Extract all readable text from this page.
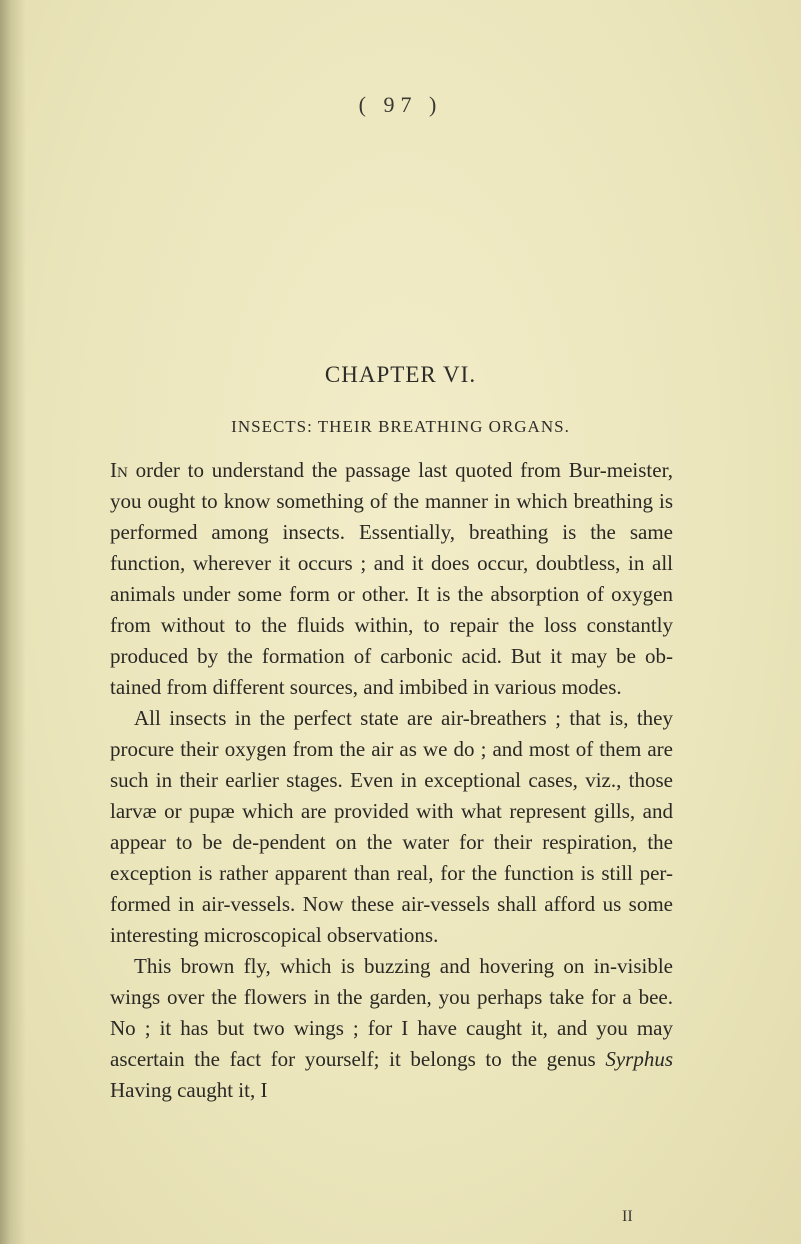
( 97 )

CHAPTER VI.
INSECTS: THEIR BREATHING ORGANS.

In order to understand the passage last quoted from Bur-meister, you ought to know something of the manner in which breathing is performed among insects. Essentially, breathing is the same function, wherever it occurs ; and it does occur, doubtless, in all animals under some form or other. It is the absorption of oxygen from without to the fluids within, to repair the loss constantly produced by the formation of carbonic acid. But it may be ob-tained from different sources, and imbibed in various modes.

All insects in the perfect state are air-breathers ; that is, they procure their oxygen from the air as we do ; and most of them are such in their earlier stages. Even in exceptional cases, viz., those larvæ or pupæ which are provided with what represent gills, and appear to be de-pendent on the water for their respiration, the exception is rather apparent than real, for the function is still per-formed in air-vessels. Now these air-vessels shall afford us some interesting microscopical observations.

This brown fly, which is buzzing and hovering on in-visible wings over the flowers in the garden, you perhaps take for a bee. No ; it has but two wings ; for I have caught it, and you may ascertain the fact for yourself; it belongs to the genus Syrphus Having caught it, I

II
